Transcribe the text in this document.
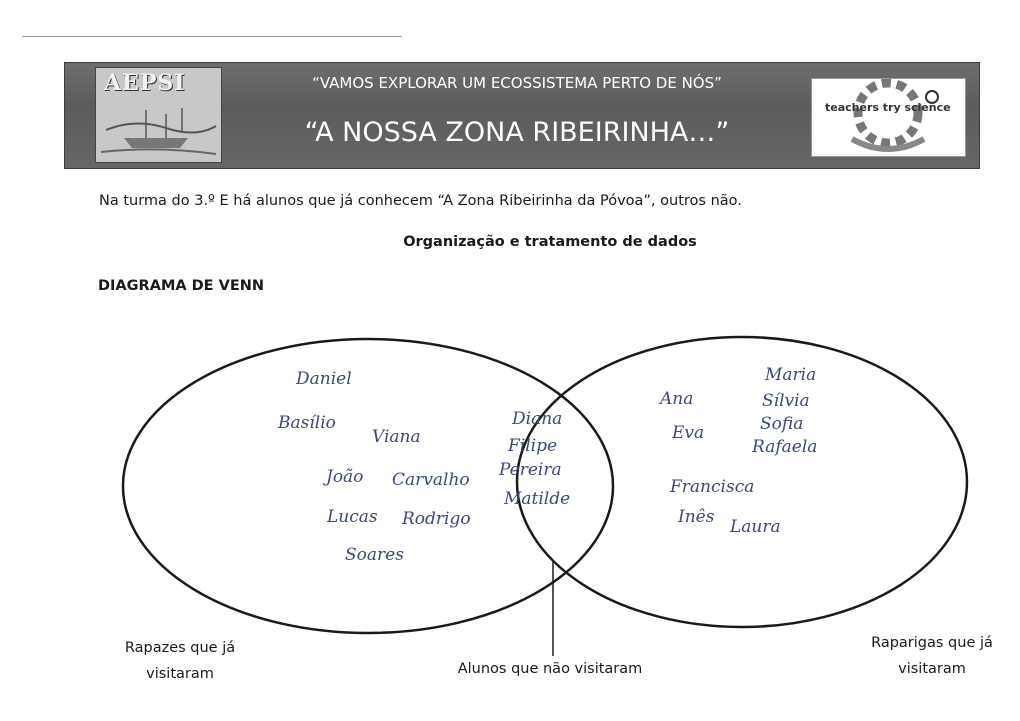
AEPSI	“VAMOS EXPLORAR UM ECOSSISTEMA PERTO DE NÓS”
“A NOSSA ZONA RIBEIRINHA…”
teachers try science
Na turma do 3.º E há alunos que já conhecem “A Zona Ribeirinha da Póvoa”, outros não.
Organização e tratamento de dados
DIAGRAMA DE VENN
Daniel
Basílio
Viana
João Carvalho
Lucas Rodrigo
Soares
Diana
Filipe
Pereira
Matilde
Maria
Sílvia
Sofia
Rafaela
Ana
Eva
Francisca
Inês Laura
Rapazes que já visitaram
Raparigas que já visitaram
Alunos que não visitaram
